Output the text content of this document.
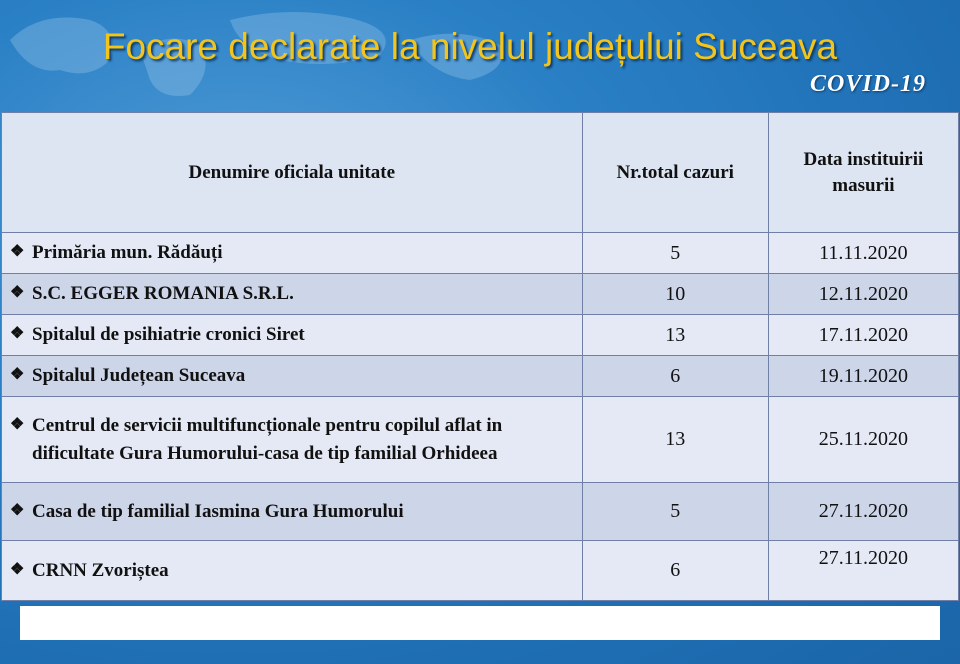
Focare declarate la nivelul județului Suceava
COVID-19
Denumire oficiala unitate	Nr.total cazuri	Data instituirii masurii

❖ Primăria mun. Rădăuți	5	11.11.2020

❖ S.C. EGGER ROMANIA S.R.L.	10	12.11.2020

❖ Spitalul de psihiatrie cronici Siret	13	17.11.2020

❖ Spitalul Județean Suceava	6	19.11.2020

❖ Centrul de servicii multifuncționale pentru copilul aflat in dificultate Gura Humorului-casa de tip familial Orhideea	13	25.11.2020

❖ Casa de tip familial Iasmina Gura Humorului	5	27.11.2020

❖ CRNN Zvoriștea	6	27.11.2020
